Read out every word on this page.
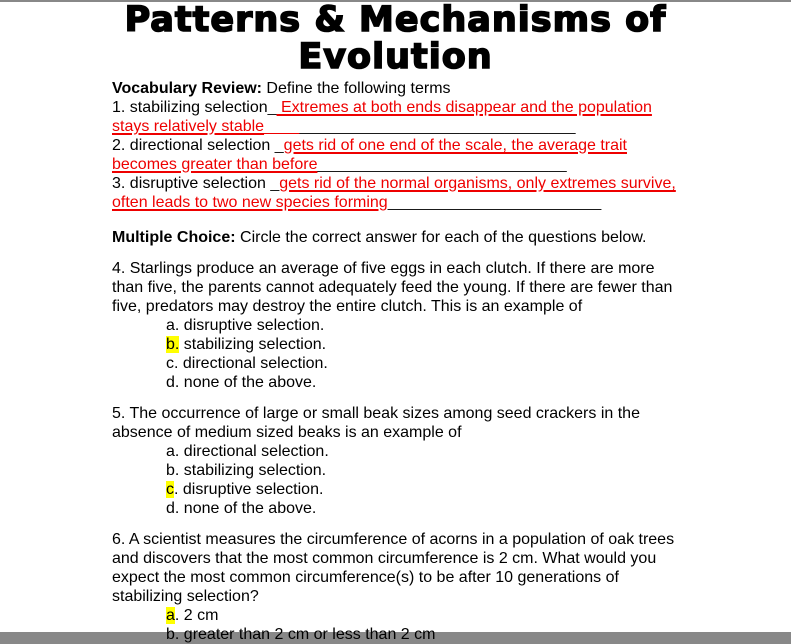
Patterns & Mechanisms of
Evolution
Vocabulary Review: Define the following terms
1. stabilizing selection_ Extremes at both ends disappear and the population
stays relatively stable___________________________________
2. directional selection _gets rid of one end of the scale, the average trait
becomes greater than before____________________________
3. disruptive selection _gets rid of the normal organisms, only extremes survive,
often leads to two new species forming________________________
Multiple Choice: Circle the correct answer for each of the questions below.
4. Starlings produce an average of five eggs in each clutch. If there are more
than five, the parents cannot adequately feed the young. If there are fewer than
five, predators may destroy the entire clutch. This is an example of
a. disruptive selection.
b. stabilizing selection.
c. directional selection.
d. none of the above.
5. The occurrence of large or small beak sizes among seed crackers in the
absence of medium sized beaks is an example of
a. directional selection.
b. stabilizing selection.
c. disruptive selection.
d. none of the above.
6. A scientist measures the circumference of acorns in a population of oak trees
and discovers that the most common circumference is 2 cm. What would you
expect the most common circumference(s) to be after 10 generations of
stabilizing selection?
a. 2 cm
b. greater than 2 cm or less than 2 cm
